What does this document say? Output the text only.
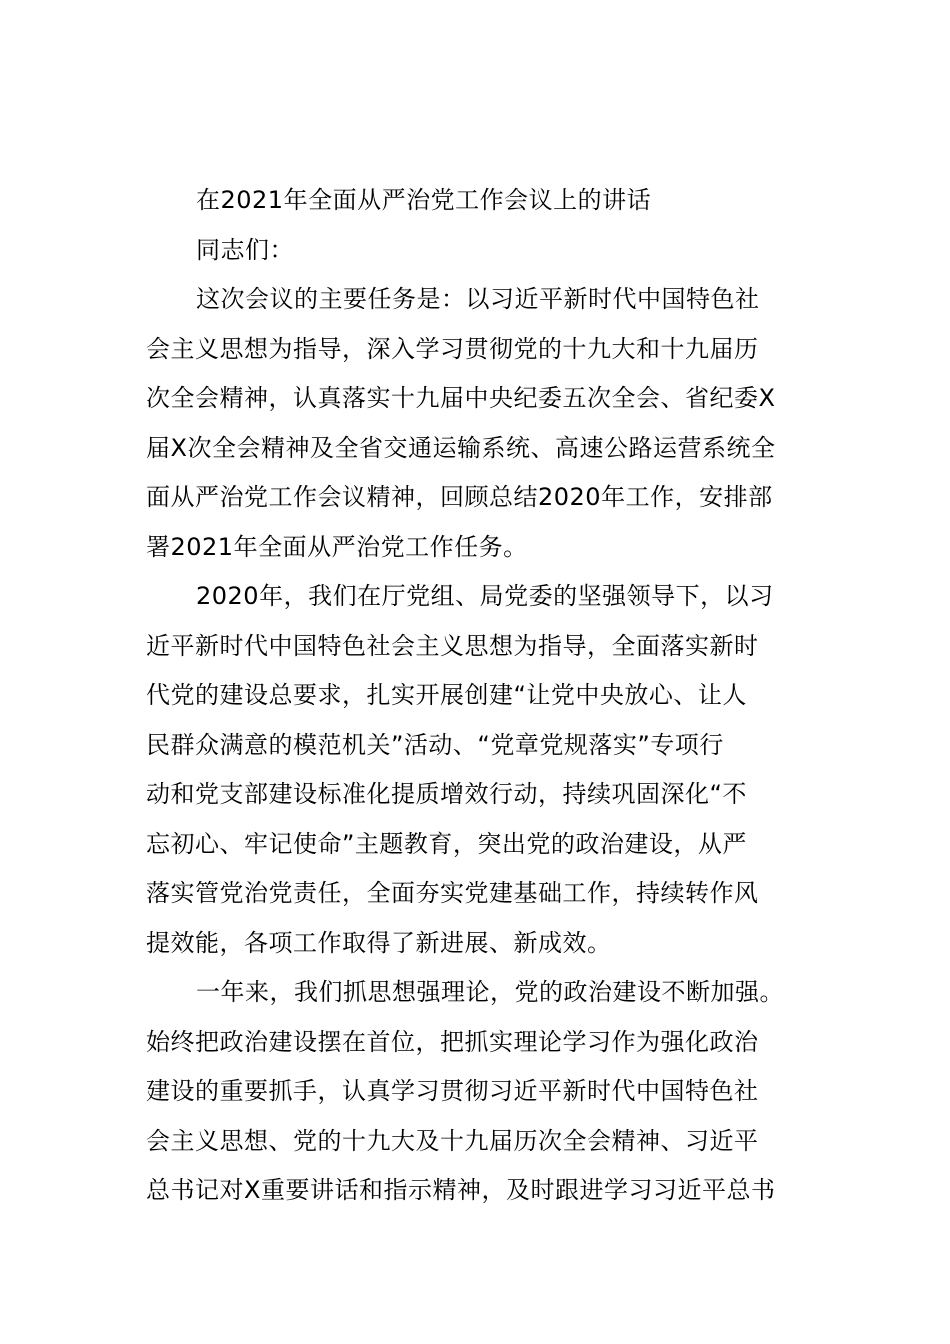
在2021年全面从严治党工作会议上的讲话
同志们：
这次会议的主要任务是：以习近平新时代中国特色社
会主义思想为指导，深入学习贯彻党的十九大和十九届历
次全会精神，认真落实十九届中央纪委五次全会、省纪委X
届X次全会精神及全省交通运输系统、高速公路运营系统全
面从严治党工作会议精神，回顾总结2020年工作，安排部
署2021年全面从严治党工作任务。
2020年，我们在厅党组、局党委的坚强领导下，以习
近平新时代中国特色社会主义思想为指导，全面落实新时
代党的建设总要求，扎实开展创建“让党中央放心、让人
民群众满意的模范机关”活动、“党章党规落实”专项行
动和党支部建设标准化提质增效行动，持续巩固深化“不
忘初心、牢记使命”主题教育，突出党的政治建设，从严
落实管党治党责任，全面夯实党建基础工作，持续转作风
提效能，各项工作取得了新进展、新成效。
一年来，我们抓思想强理论，党的政治建设不断加强。
始终把政治建设摆在首位，把抓实理论学习作为强化政治
建设的重要抓手，认真学习贯彻习近平新时代中国特色社
会主义思想、党的十九大及十九届历次全会精神、习近平
总书记对X重要讲话和指示精神，及时跟进学习习近平总书
